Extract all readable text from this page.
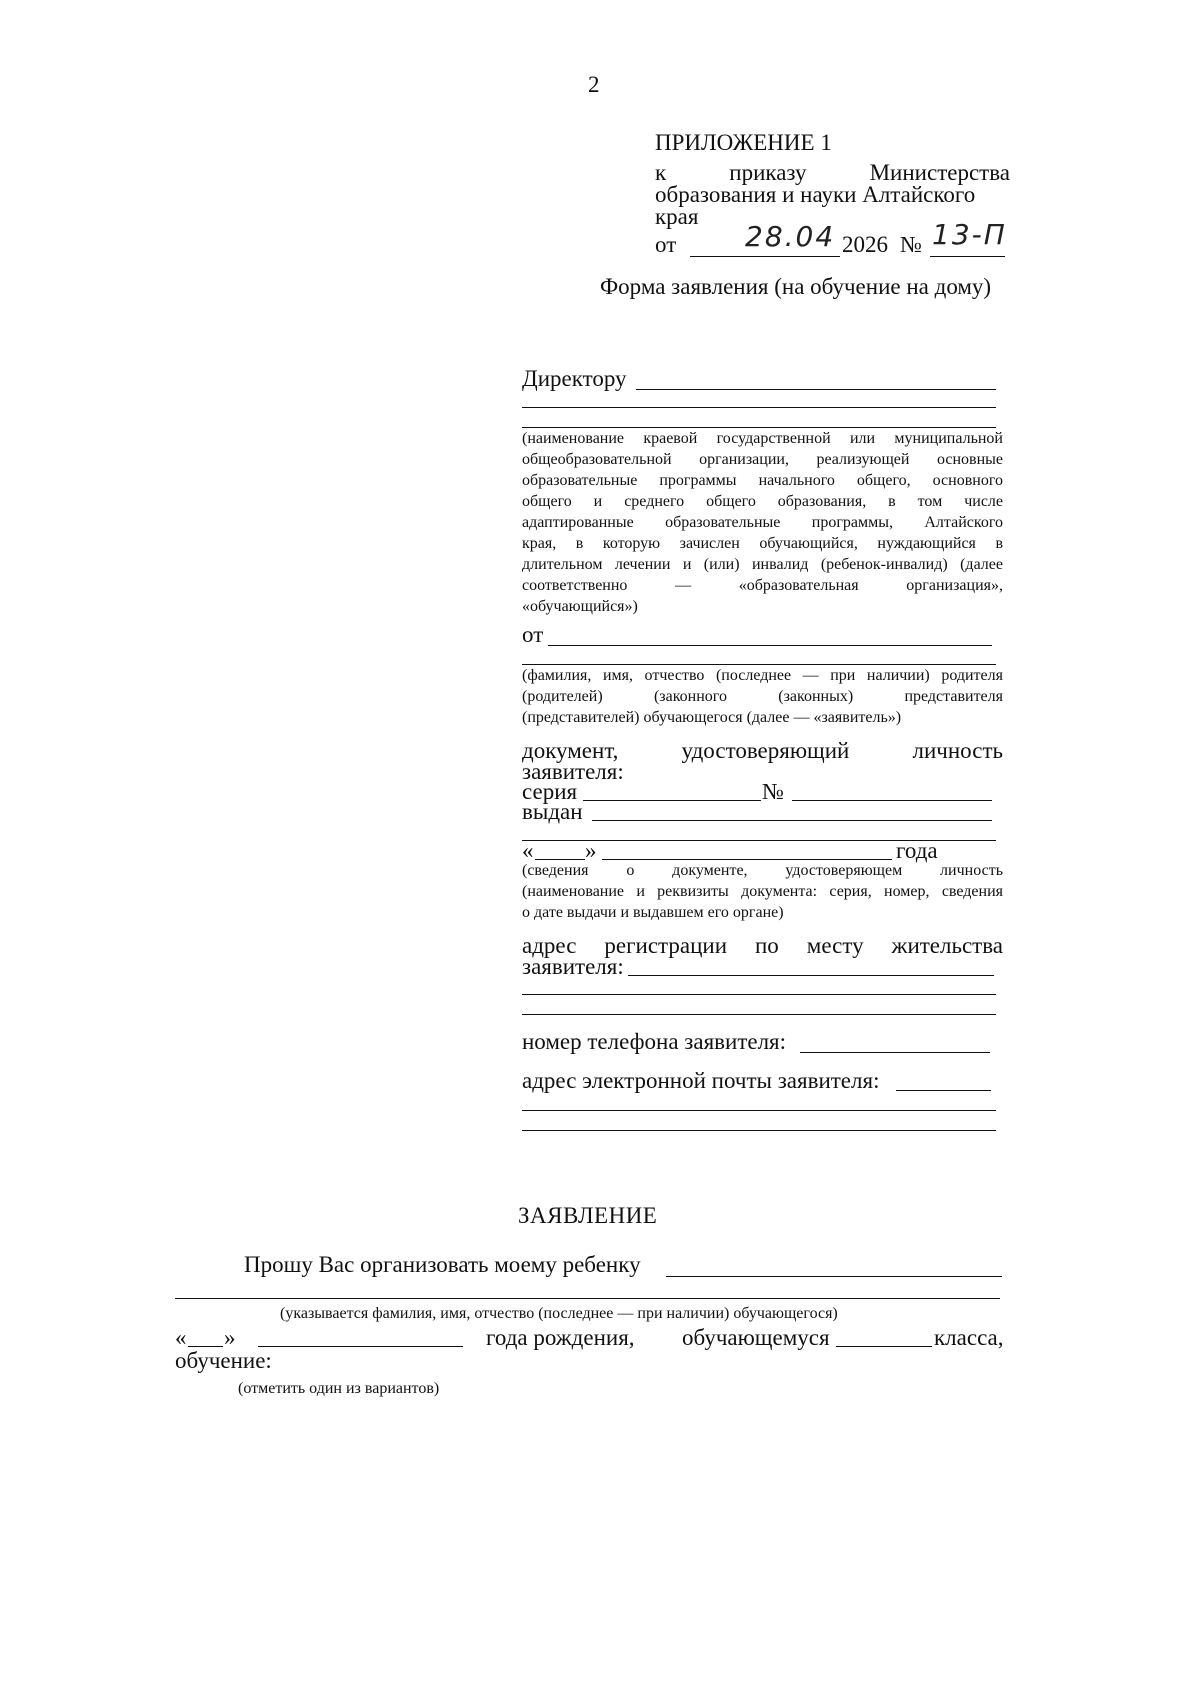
2
ПРИЛОЖЕНИЕ 1
к	приказу	Министерства
образования и науки Алтайского
края
от 28.04 2026 № 13-П
Форма заявления (на обучение на дому)
Директору
(наименование краевой государственной или муниципальной
общеобразовательной организации, реализующей основные
образовательные программы начального общего, основного
общего и среднего общего образования, в том числе
адаптированные образовательные программы, Алтайского
края, в которую зачислен обучающийся, нуждающийся в
длительном лечении и (или) инвалид (ребенок-инвалид) (далее
соответственно — «образовательная организация»,
«обучающийся»)
от
(фамилия, имя, отчество (последнее — при наличии) родителя
(родителей) (законного (законных) представителя
(представителей) обучающегося (далее — «заявитель»)
документ, удостоверяющий личность
заявителя:
серия	№
выдан
« »	года
(сведения о документе, удостоверяющем личность
(наименование и реквизиты документа: серия, номер, сведения
о дате выдачи и выдавшем его органе)
адрес регистрации по месту жительства
заявителя:
номер телефона заявителя:
адрес электронной почты заявителя:
ЗАЯВЛЕНИЕ
Прошу Вас организовать моему ребенку
(указывается фамилия, имя, отчество (последнее — при наличии) обучающегося)
« »	года рождения, обучающемуся	класса,
обучение:
(отметить один из вариантов)
